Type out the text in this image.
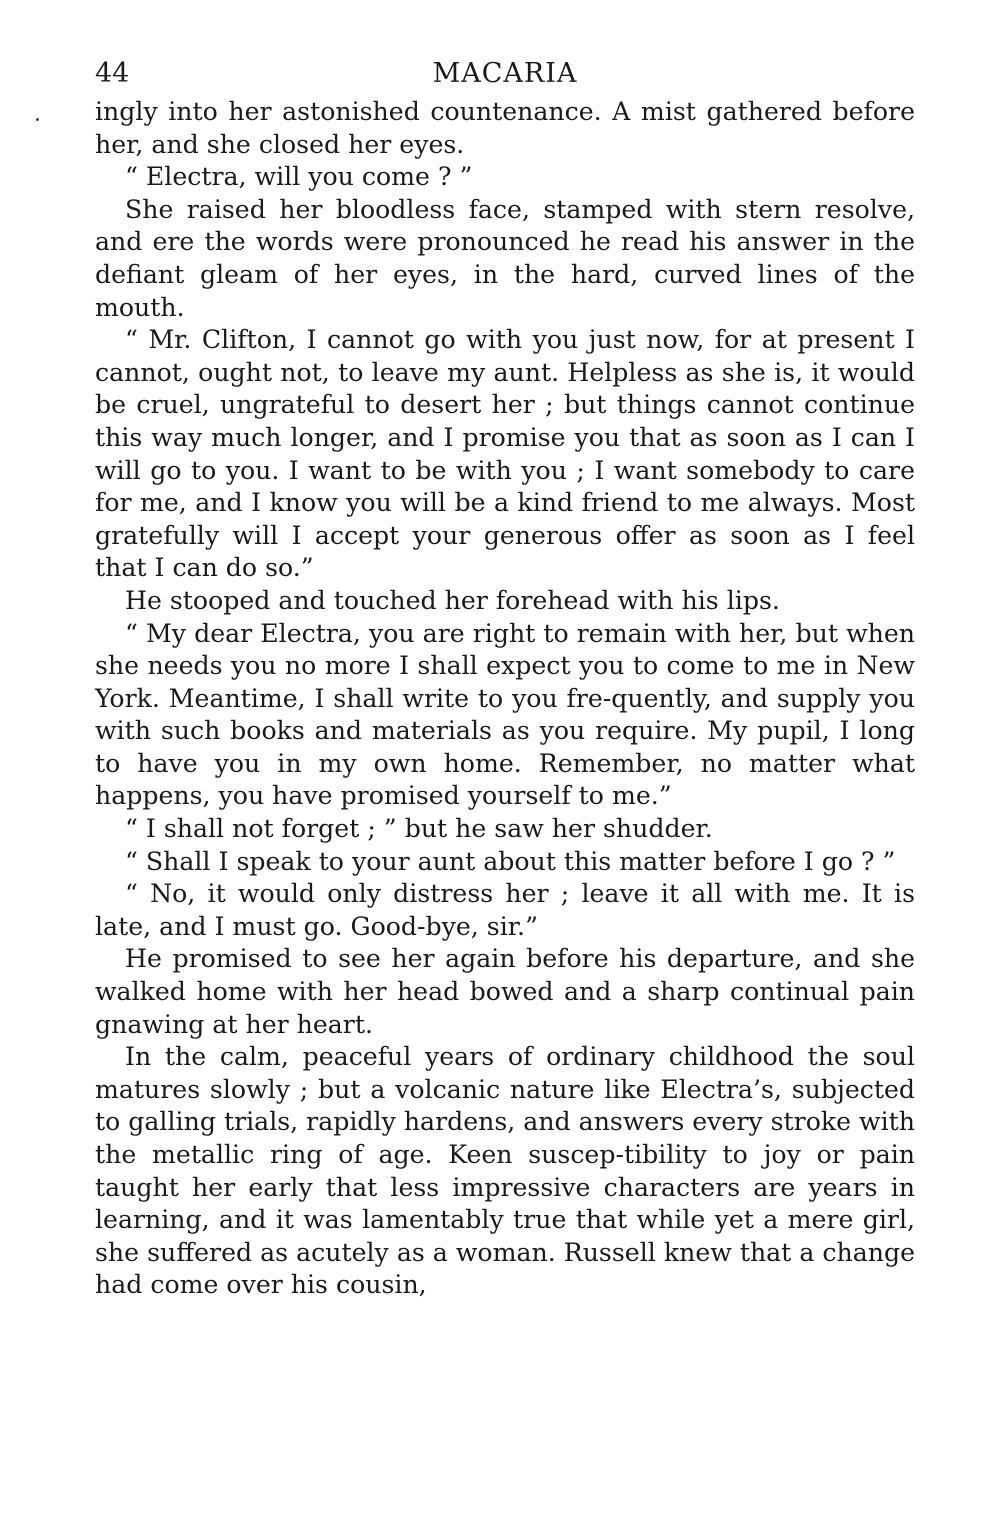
44	MACARIA

ingly into her astonished countenance. A mist gathered before her, and she closed her eyes.

“ Electra, will you come ? ”

She raised her bloodless face, stamped with stern resolve, and ere the words were pronounced he read his answer in the defiant gleam of her eyes, in the hard, curved lines of the mouth.

“ Mr. Clifton, I cannot go with you just now, for at present I cannot, ought not, to leave my aunt. Helpless as she is, it would be cruel, ungrateful to desert her ; but things cannot continue this way much longer, and I promise you that as soon as I can I will go to you. I want to be with you ; I want somebody to care for me, and I know you will be a kind friend to me always. Most gratefully will I accept your generous offer as soon as I feel that I can do so.”

He stooped and touched her forehead with his lips.

“ My dear Electra, you are right to remain with her, but when she needs you no more I shall expect you to come to me in New York. Meantime, I shall write to you fre-quently, and supply you with such books and materials as you require. My pupil, I long to have you in my own home. Remember, no matter what happens, you have promised yourself to me.”

“ I shall not forget ; ” but he saw her shudder.

“ Shall I speak to your aunt about this matter before I go ? ”

“ No, it would only distress her ; leave it all with me. It is late, and I must go. Good-bye, sir.”

He promised to see her again before his departure, and she walked home with her head bowed and a sharp continual pain gnawing at her heart.

In the calm, peaceful years of ordinary childhood the soul matures slowly ; but a volcanic nature like Electra’s, subjected to galling trials, rapidly hardens, and answers every stroke with the metallic ring of age. Keen suscep-tibility to joy or pain taught her early that less impressive characters are years in learning, and it was lamentably true that while yet a mere girl, she suffered as acutely as a woman. Russell knew that a change had come over his cousin,
